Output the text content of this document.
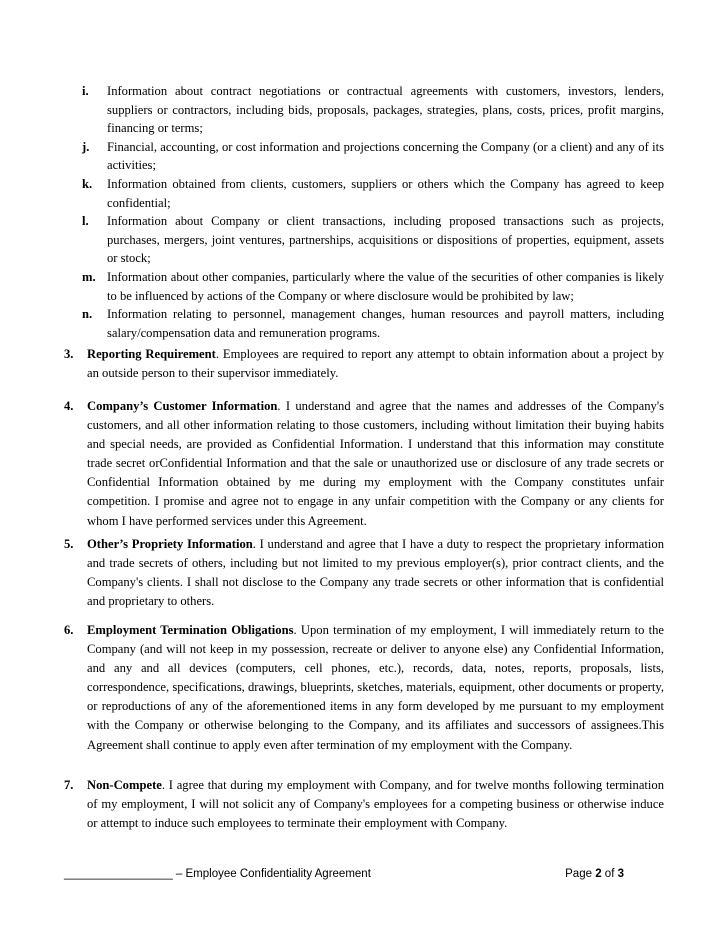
i.	Information about contract negotiations or contractual agreements with customers, investors, lenders, suppliers or contractors, including bids, proposals, packages, strategies, plans, costs, prices, profit margins, financing or terms;
j.	Financial, accounting, or cost information and projections concerning the Company (or a client) and any of its activities;
k.	Information obtained from clients, customers, suppliers or others which the Company has agreed to keep confidential;
l.	Information about Company or client transactions, including proposed transactions such as projects, purchases, mergers, joint ventures, partnerships, acquisitions or dispositions of properties, equipment, assets or stock;
m. Information about other companies, particularly where the value of the securities of other companies is likely to be influenced by actions of the Company or where disclosure would be prohibited by law;
n.	Information relating to personnel, management changes, human resources and payroll matters, including salary/compensation data and remuneration programs.
3.	Reporting Requirement. Employees are required to report any attempt to obtain information about a project by an outside person to their supervisor immediately.
4.	Company’s Customer Information. I understand and agree that the names and addresses of the Company's customers, and all other information relating to those customers, including without limitation their buying habits and special needs, are provided as Confidential Information. I understand that this information may constitute trade secret orConfidential Information and that the sale or unauthorized use or disclosure of any trade secrets or Confidential Information obtained by me during my employment with the Company constitutes unfair competition. I promise and agree not to engage in any unfair competition with the Company or any clients for whom I have performed services under this Agreement.
5.	Other’s Propriety Information. I understand and agree that I have a duty to respect the proprietary information and trade secrets of others, including but not limited to my previous employer(s), prior contract clients, and the Company's clients. I shall not disclose to the Company any trade secrets or other information that is confidential and proprietary to others.
6.	Employment Termination Obligations. Upon termination of my employment, I will immediately return to the Company (and will not keep in my possession, recreate or deliver to anyone else) any Confidential Information, and any and all devices (computers, cell phones, etc.), records, data, notes, reports, proposals, lists, correspondence, specifications, drawings, blueprints, sketches, materials, equipment, other documents or property, or reproductions of any of the aforementioned items in any form developed by me pursuant to my employment with the Company or otherwise belonging to the Company, and its affiliates and successors of assignees.This Agreement shall continue to apply even after termination of my employment with the Company.
7.	Non-Compete. I agree that during my employment with Company, and for twelve months following termination of my employment, I will not solicit any of Company's employees for a competing business or otherwise induce or attempt to induce such employees to terminate their employment with Company.
_________________ – Employee Confidentiality Agreement	Page 2 of 3
